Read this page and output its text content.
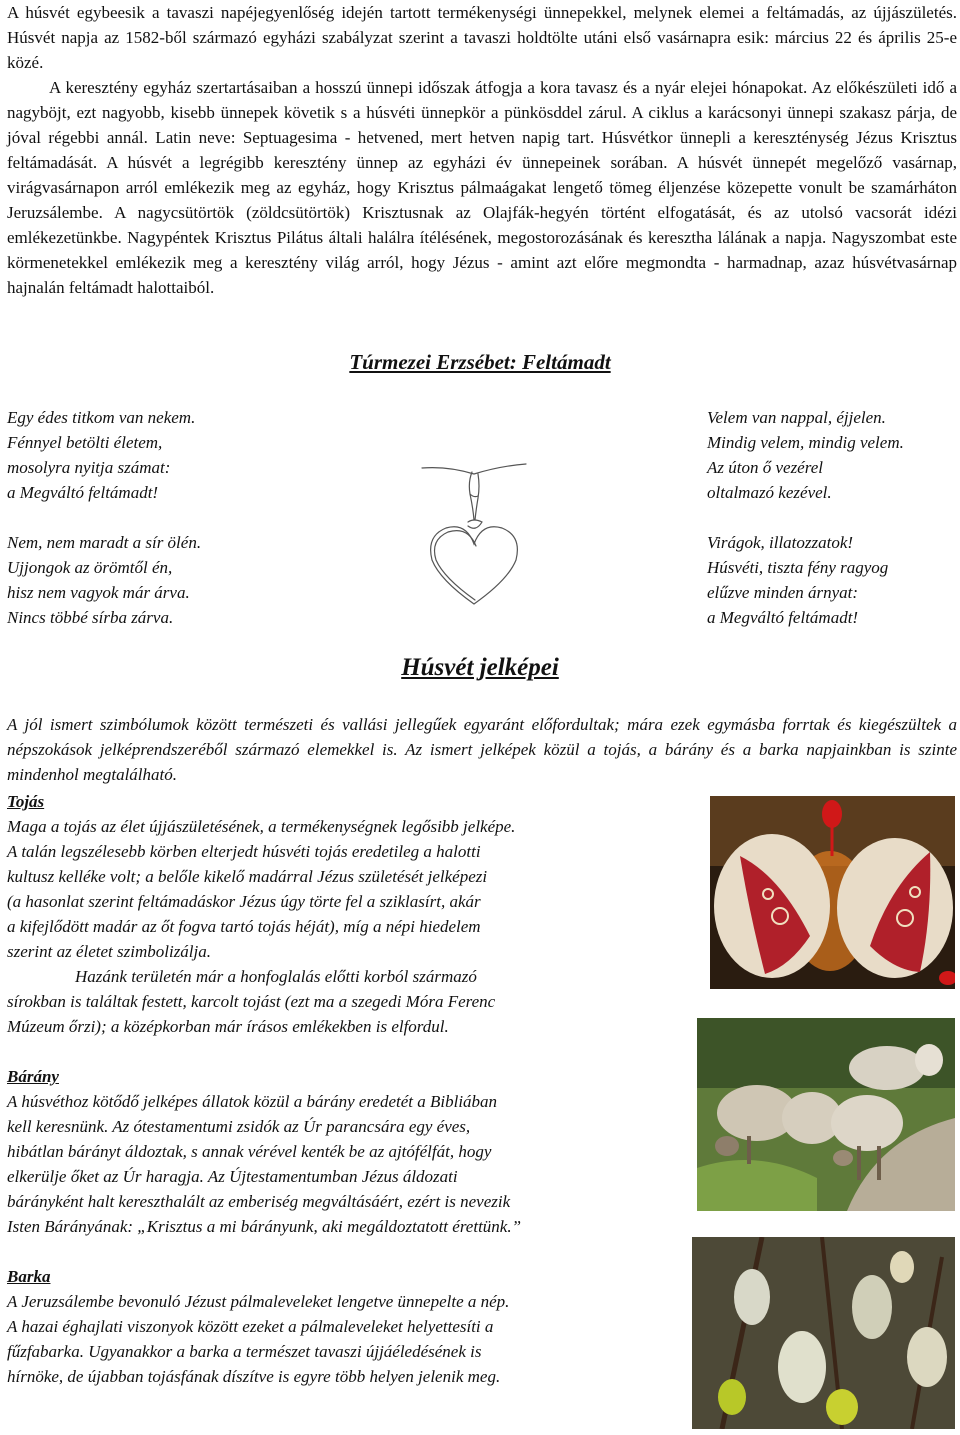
A húsvét egybeesik a tavaszi napéjegyenlőség idején tartott termékenységi ünnepekkel, melynek elemei a feltámadás, az újjászületés. Húsvét napja az 1582-ből származó egyházi szabályzat szerint a tavaszi holdtölte utáni első vasárnapra esik: március 22 és április 25-e közé.

A keresztény egyház szertartásaiban a hosszú ünnepi időszak átfogja a kora tavasz és a nyár elejei hónapokat. Az előkészületi idő a nagyböjt, ezt nagyobb, kisebb ünnepek követik s a húsvéti ünnepkör a pünkösddel zárul. A ciklus a karácsonyi ünnepi szakasz párja, de jóval régebbi annál. Latin neve: Septuagesima - hetvened, mert hetven napig tart. Húsvétkor ünnepli a kereszténység Jézus Krisztus feltámadását. A húsvét a legrégibb keresztény ünnep az egyházi év ünnepeinek sorában. A húsvét ünnepét megelőző vasárnap, virágvasárnapon arról emlékezik meg az egyház, hogy Krisztus pálmaágakat lengető tömeg éljenzése közepette vonult be szamárháton Jeruzsálembe. A nagycsütörtök (zöldcsütörtök) Krisztusnak az Olajfák-hegyén történt elfogatását, és az utolsó vacsorát idézi emlékezetünkbe. Nagypéntek Krisztus Pilátus általi halálra ítélésének, megostorozásának és keresztha lálának a napja. Nagyszombat este körmenetekkel emlékezik meg a keresztény világ arról, hogy Jézus - amint azt előre megmondta - harmadnap, azaz húsvétvasárnap hajnalán feltámadt halottaiból.

Túrmezei Erzsébet: Feltámadt
Egy édes titkom van nekem.
Fénnyel betölti életem,
mosolyra nyitja számat:
a Megváltó feltámadt!
Nem, nem maradt a sír ölén.
Ujjongok az örömtől én,
hisz nem vagyok már árva.
Nincs többé sírba zárva.
Velem van nappal, éjjelen.
Mindig velem, mindig velem.
Az úton ő vezérel
oltalmazó kezével.
Virágok, illatozzatok!
Húsvéti, tiszta fény ragyog
elűzve minden árnyat:
a Megváltó feltámadt!
Húsvét jelképei
A jól ismert szimbólumok között természeti és vallási jellegűek egyaránt előfordultak; mára ezek egymásba forrtak és kiegészültek a népszokások jelképrendszeréből származó elemekkel is. Az ismert jelképek közül a tojás, a bárány és a barka napjainkban is szinte mindenhol megtalálható.
Tojás
Maga a tojás az élet újjászületésének, a termékenységnek legősibb jelképe.
A talán legszélesebb körben elterjedt húsvéti tojás eredetileg a halotti
kultusz kelléke volt; a belőle kikelő madárral Jézus születését jelképezi
(a hasonlat szerint feltámadáskor Jézus úgy törte fel a sziklasírt, akár
a kifejlődött madár az őt fogva tartó tojás héját), míg a népi hiedelem
szerint az életet szimbolizálja.
Hazánk területén már a honfoglalás előtti korból származó
sírokban is találtak festett, karcolt tojást (ezt ma a szegedi Móra Ferenc
Múzeum őrzi); a középkorban már írásos emlékekben is elfordul.
Bárány
A húsvéthoz kötődő jelképes állatok közül a bárány eredetét a Bibliában
kell keresnünk. Az ótestamentumi zsidók az Úr parancsára egy éves,
hibátlan bárányt áldoztak, s annak vérével kenték be az ajtófélfát, hogy
elkerülje őket az Úr haragja. Az Újtestamentumban Jézus áldozati
bárányként halt kereszthalált az emberiség megváltásáért, ezért is nevezik
Isten Bárányának: „Krisztus a mi bárányunk, aki megáldoztatott érettünk.”
Barka
A Jeruzsálembe bevonuló Jézust pálmaleveleket lengetve ünnepelte a nép.
A hazai éghajlati viszonyok között ezeket a pálmaleveleket helyettesíti a
fűzfabarka. Ugyanakkor a barka a természet tavaszi újjáéledésének is
hírnöke, de újabban tojásfának díszítve is egyre több helyen jelenik meg.
